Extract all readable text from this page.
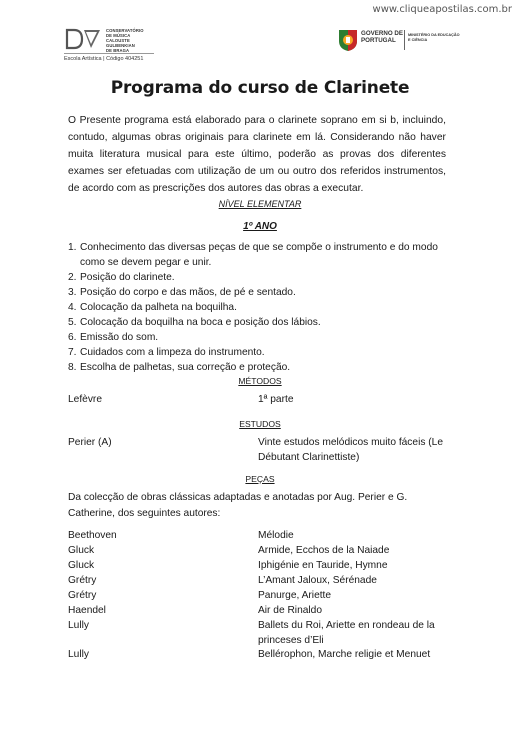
www.cliqueapostilas.com.br
CONSERVATÓRIO
DE MÚSICA
CALOUSTE
GULBENKIAN
DE BRAGA
Escola Artística | Código 404251
GOVERNO DE
PORTUGAL
MINISTÉRIO DA EDUCAÇÃO
E CIÊNCIA
Programa do curso de Clarinete
O Presente programa está elaborado para o clarinete soprano em si b, incluindo, contudo, algumas obras originais para clarinete em lá. Considerando não haver muita literatura musical para este último, poderão as provas dos diferentes exames ser efetuadas com utilização de um ou outro dos referidos instrumentos, de acordo com as prescrições dos autores das obras a executar.
NÍVEL ELEMENTAR
1º ANO
1. Conhecimento das diversas peças de que se compõe o instrumento e do modo como se devem pegar e unir.
2. Posição do clarinete.
3. Posição do corpo e das mãos, de pé e sentado.
4. Colocação da palheta na boquilha.
5. Colocação da boquilha na boca e posição dos lábios.
6. Emissão do som.
7. Cuidados com a limpeza do instrumento.
8. Escolha de palhetas, sua correção e proteção.
MÉTODOS
Lefèvre	1ª parte
ESTUDOS
Perier (A)	Vinte estudos melódicos muito fáceis (Le Débutant Clarinettiste)
PEÇAS
Da colecção de obras clássicas adaptadas e anotadas por Aug. Perier e G. Catherine, dos seguintes autores:
Beethoven	Mélodie
Gluck	Armide, Ecchos de la Naiade
Gluck	Iphigénie en Tauride, Hymne
Grétry	L’Amant Jaloux, Sérénade
Grétry	Panurge, Ariette
Haendel	Air de Rinaldo
Lully	Ballets du Roi, Ariette en rondeau de la princeses d’Eli
Lully	Bellérophon, Marche religie et Menuet
